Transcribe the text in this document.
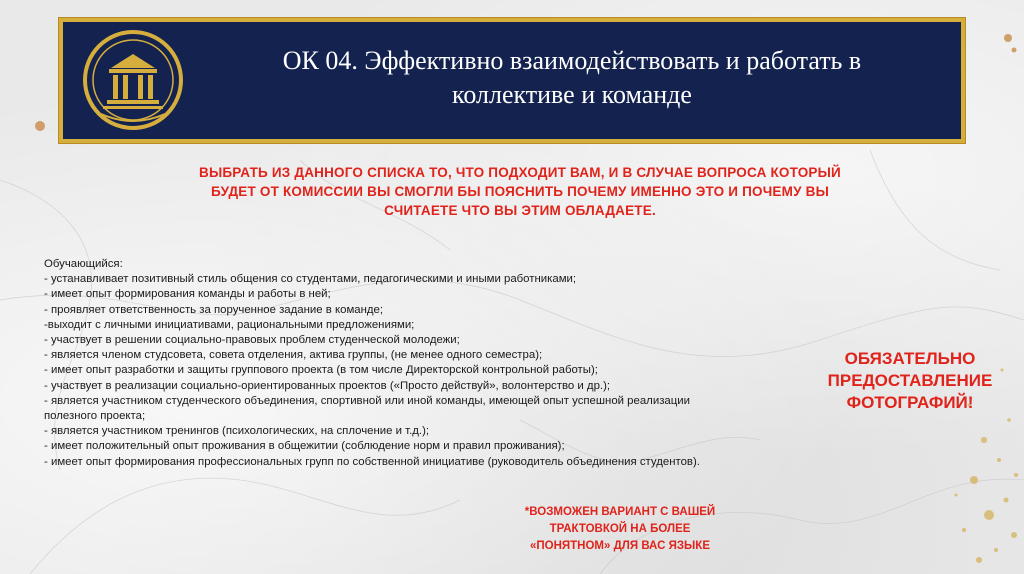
ОК 04. Эффективно взаимодействовать и работать в
коллективе и команде
ВЫБРАТЬ ИЗ ДАННОГО СПИСКА ТО, ЧТО ПОДХОДИТ ВАМ, И В СЛУЧАЕ ВОПРОСА КОТОРЫЙ
БУДЕТ ОТ КОМИССИИ ВЫ СМОГЛИ БЫ ПОЯСНИТЬ ПОЧЕМУ ИМЕННО ЭТО И ПОЧЕМУ ВЫ
СЧИТАЕТЕ ЧТО ВЫ ЭТИМ ОБЛАДАЕТЕ.
Обучающийся:
- устанавливает позитивный стиль общения со студентами, педагогическими и иными работниками;
- имеет опыт формирования команды и работы в ней;
- проявляет ответственность за порученное задание в команде;
-выходит с личными инициативами, рациональными предложениями;
- участвует в решении социально-правовых проблем студенческой молодежи;
- является членом студсовета, совета отделения, актива группы, (не менее одного семестра);
- имеет опыт разработки и защиты группового проекта (в том числе Директорской контрольной работы);
- участвует в реализации социально-ориентированных проектов («Просто действуй», волонтерство и др.);
- является участником студенческого объединения, спортивной или иной команды, имеющей опыт успешной реализации
полезного проекта;
- является участником тренингов (психологических, на сплочение и т.д.);
- имеет положительный опыт проживания в общежитии (соблюдение норм и правил проживания);
- имеет опыт формирования профессиональных групп по собственной инициативе (руководитель объединения студентов).
ОБЯЗАТЕЛЬНО
ПРЕДОСТАВЛЕНИЕ
ФОТОГРАФИЙ!
*ВОЗМОЖЕН ВАРИАНТ С ВАШЕЙ
ТРАКТОВКОЙ НА БОЛЕЕ
«ПОНЯТНОМ» ДЛЯ ВАС ЯЗЫКЕ
